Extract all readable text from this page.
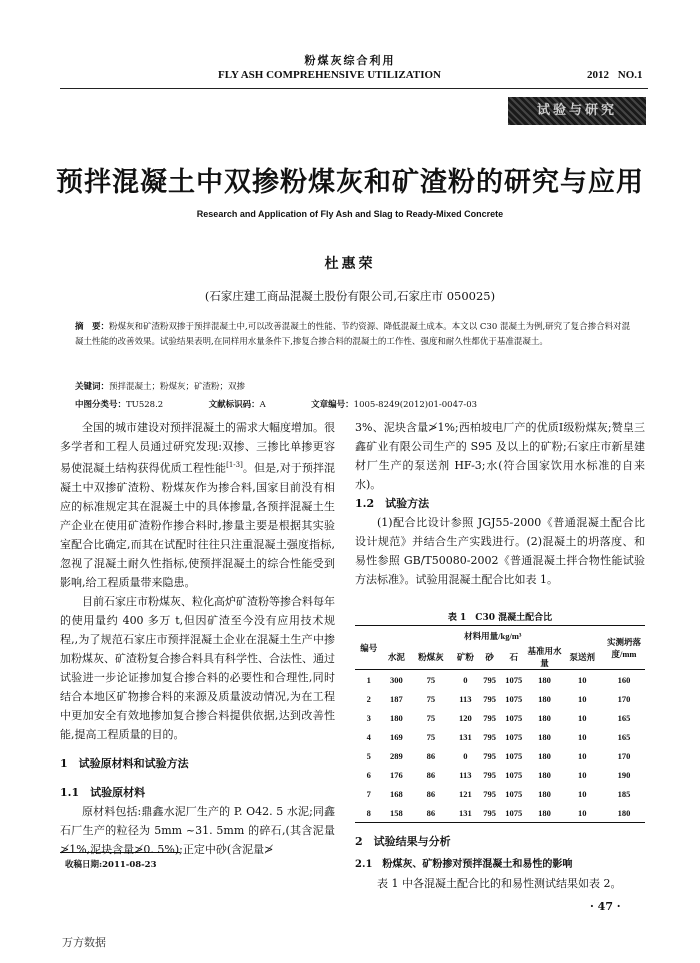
粉煤灰综合利用
FLY ASH COMPREHENSIVE UTILIZATION	2012 NO.1
试验与研究
预拌混凝土中双掺粉煤灰和矿渣粉的研究与应用
Research and Application of Fly Ash and Slag to Ready-Mixed Concrete
杜惠荣
(石家庄建工商品混凝土股份有限公司,石家庄市 050025)
摘　要：粉煤灰和矿渣粉双掺于预拌混凝土中,可以改善混凝土的性能、节约资源、降低混凝土成本。本文以 C30 混凝土为例,研究了复合掺合料对混凝土性能的改善效果。试验结果表明,在同样用水量条件下,掺复合掺合料的混凝土的工作性、强度和耐久性都优于基准混凝土。
关键词：预拌混凝土；粉煤灰；矿渣粉；双掺
中图分类号：TU528.2	文献标识码：A	文章编号：1005-8249(2012)01-0047-03
全国的城市建设对预拌混凝土的需求大幅度增加。很多学者和工程人员通过研究发现:双掺、三掺比单掺更容易使混凝土结构获得优质工程性能[1-3]。但是,对于预拌混凝土中双掺矿渣粉、粉煤灰作为掺合料,国家目前没有相应的标准规定其在混凝土中的具体掺量,各预拌混凝土生产企业在使用矿渣粉作掺合料时,掺量主要是根据其实验室配合比确定,而其在试配时往往只注重混凝土强度指标,忽视了混凝土耐久性指标,使预拌混凝土的综合性能受到影响,给工程质量带来隐患。
目前石家庄市粉煤灰、粒化高炉矿渣粉等掺合料每年的使用量约 400 多万 t,但因矿渣至今没有应用技术规程,,为了规范石家庄市预拌混凝土企业在混凝土生产中掺加粉煤灰、矿渣粉复合掺合料具有科学性、合法性、通过试验进一步论证掺加复合掺合料的必要性和合理性,同时结合本地区矿物掺合料的来源及质量波动情况,为在工程中更加安全有效地掺加复合掺合料提供依据,达到改善性能,提高工程质量的目的。
1　试验原材料和试验方法
1.1　试验原材料
原材料包括:鼎鑫水泥厂生产的 P. O42. 5 水泥;同鑫石厂生产的粒径为 5mm ~31. 5mm 的碎石,(其含泥量≯1%,泥块含量≯0. 5%);正定中砂(含泥量≯
3%、泥块含量≯1%;西柏坡电厂产的优质Ⅰ级粉煤灰;赞皇三鑫矿业有限公司生产的 S95 及以上的矿粉;石家庄市新星建材厂生产的泵送剂 HF-3;水(符合国家饮用水标准的自来水)。
1.2　试验方法
(1)配合比设计参照 JGJ55-2000《普通混凝土配合比设计规范》并结合生产实践进行。(2)混凝土的坍落度、和易性参照 GB/T50080-2002《普通混凝土拌合物性能试验方法标准》。试验用混凝土配合比如表 1。
表 1　C30 混凝土配合比
编号	材料用量/kg/m³							实测坍落度/mm
	水泥	粉煤灰	矿粉	砂	石	基准用水量	泵送剂	
1	300	75	0	795	1075	180	10	160
2	187	75	113	795	1075	180	10	170
3	180	75	120	795	1075	180	10	165
4	169	75	131	795	1075	180	10	165
5	289	86	0	795	1075	180	10	170
6	176	86	113	795	1075	180	10	190
7	168	86	121	795	1075	180	10	185
8	158	86	131	795	1075	180	10	180
2　试验结果与分析
2.1　粉煤灰、矿粉掺对预拌混凝土和易性的影响
表 1 中各混凝土配合比的和易性测试结果如表 2。
收稿日期:2011-08-23
· 47 ·
万方数据
